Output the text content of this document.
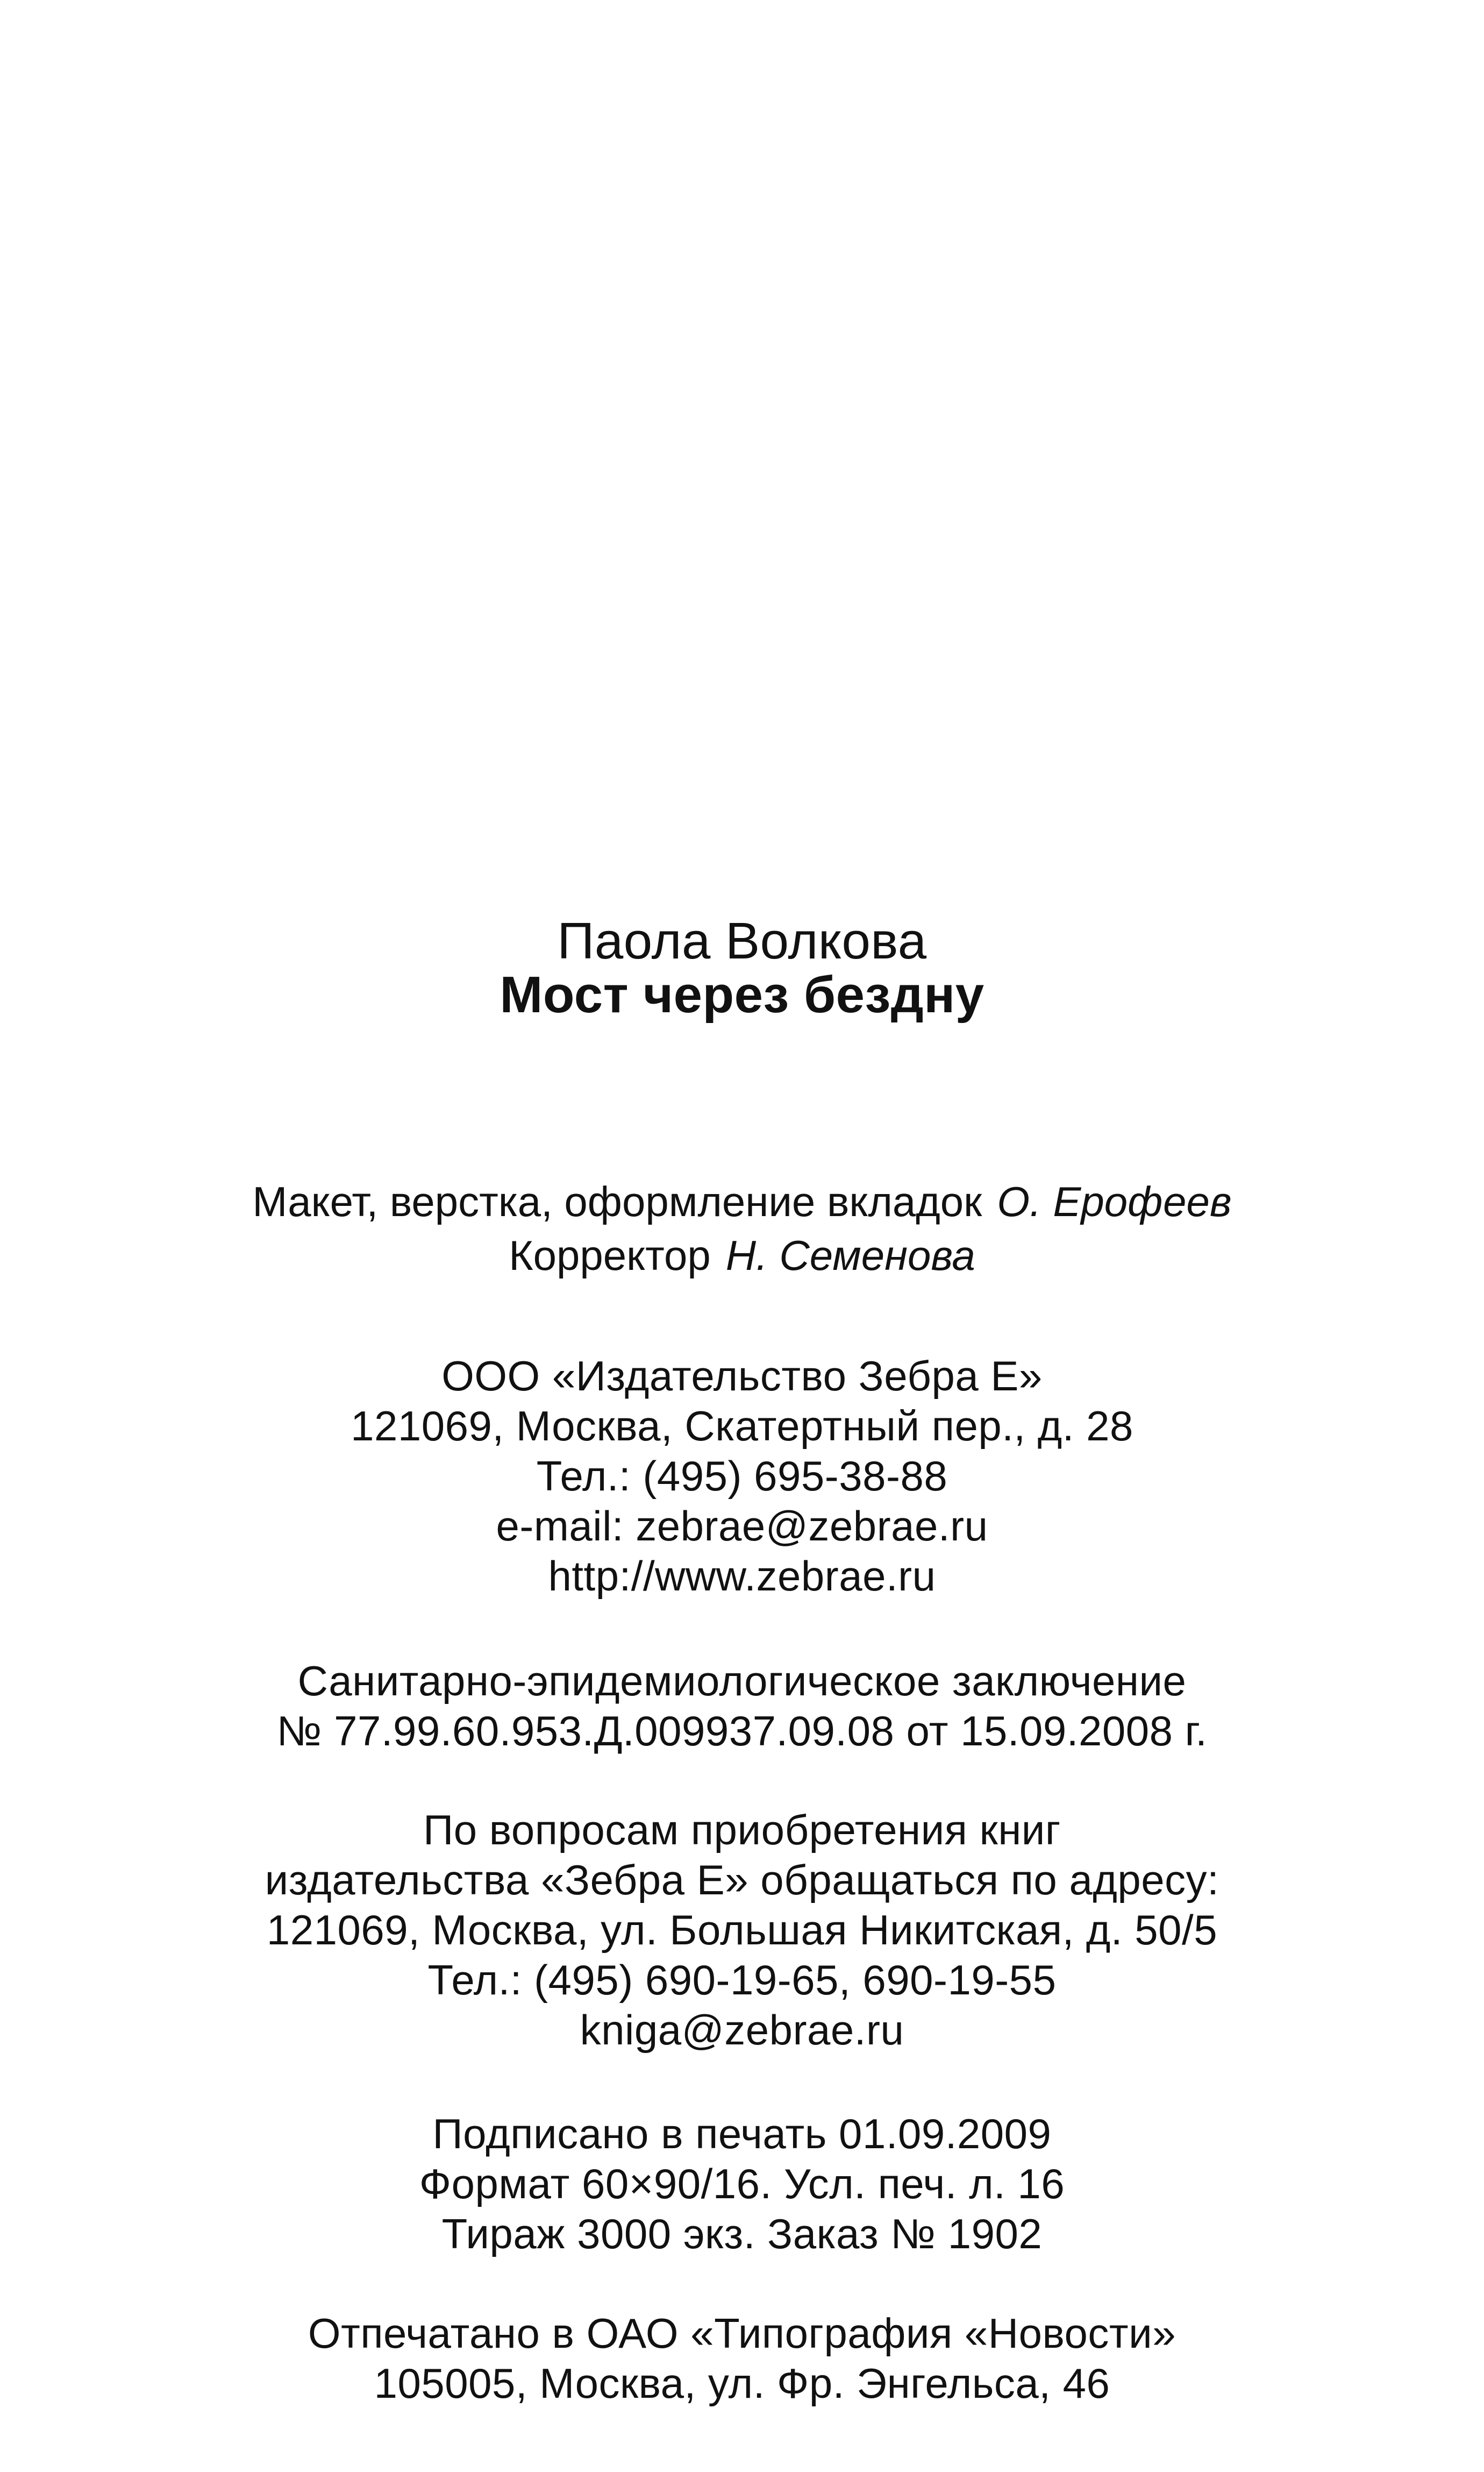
Паола Волкова
Мост через бездну
Макет, верстка, оформление вкладок О. Ерофеев
Корректор Н. Семенова
ООО «Издательство Зебра Е»
121069, Москва, Скатертный пер., д. 28
Тел.: (495) 695-38-88
e-mail: zebrae@zebrae.ru
http://www.zebrae.ru
Санитарно-эпидемиологическое заключение
№ 77.99.60.953.Д.009937.09.08 от 15.09.2008 г.
По вопросам приобретения книг
издательства «Зебра Е» обращаться по адресу:
121069, Москва, ул. Большая Никитская, д. 50/5
Тел.: (495) 690-19-65, 690-19-55
kniga@zebrae.ru
Подписано в печать 01.09.2009
Формат 60×90/16. Усл. печ. л. 16
Тираж 3000 экз. Заказ № 1902
Отпечатано в ОАО «Типография «Новости»
105005, Москва, ул. Фр. Энгельса, 46
